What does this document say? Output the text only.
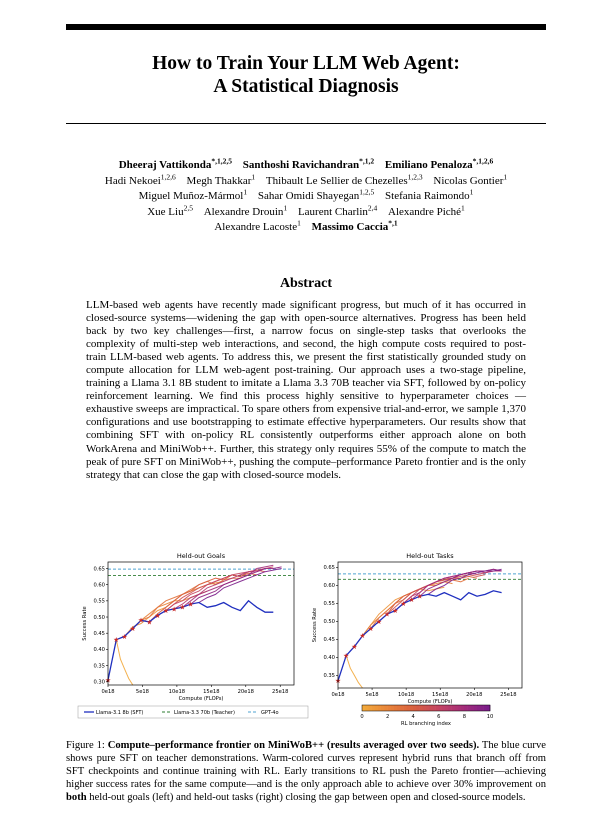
How to Train Your LLM Web Agent:
A Statistical Diagnosis
Dheeraj Vattikonda$^{*,1,2,5}$ Santhoshi Ravichandran$^{*,1,2}$ Emiliano Penaloza$^{*,1,2,6}$
Hadi Nekoei$^{1,2,6}$ Megh Thakkar$^1$ Thibault Le Sellier de Chezelles$^{1,2,3}$ Nicolas Gontier$^1$
Miguel Muñoz-Mármol$^1$ Sahar Omidi Shayegan$^{1,2,5}$ Stefania Raimondo$^1$
Xue Liu$^{2,5}$ Alexandre Drouin$^1$ Laurent Charlin$^{2,4}$ Alexandre Piché$^1$
Alexandre Lacoste$^1$ Massimo Caccia$^{*,1}$
Abstract
LLM-based web agents have recently made significant progress, but much of it has occurred in closed-source systems—widening the gap with open-source alternatives. Progress has been held back by two key challenges—first, a narrow focus on single-step tasks that overlooks the complexity of multi-step web interactions, and second, the high compute costs required to post-train LLM-based web agents. To address this, we present the first statistically grounded study on compute allocation for LLM web-agent post-training. Our approach uses a two-stage pipeline, training a Llama 3.1 8B student to imitate a Llama 3.3 70B teacher via SFT, followed by on-policy reinforcement learning. We find this process highly sensitive to hyperparameter choices — exhaustive sweeps are impractical. To spare others from expensive trial-and-error, we sample 1,370 configurations and use bootstrapping to estimate effective hyperparameters. Our results show that combining SFT with on-policy RL consistently outperforms either approach alone on both WorkArena and MiniWob++. Further, this strategy only requires 55% of the compute to match the peak of pure SFT on MiniWob++, pushing the compute–performance Pareto frontier and is the only strategy that can close the gap with closed-source models.
Held-out Goals
★
★ ★
★
★ ★
★
★ ★ ★ ★
0e18	5e18	10e18	15e18	20e18	25e18
Compute (FLOPs)
0.30
0.35
0.40
0.45
0.50
0.55
0.60
0.65
Success Rate
Held-out Tasks
★
★
★
★
★
★
★ ★
★ ★ ★
0e18	5e18	10e18	15e18	20e18	25e18
Compute (FLOPs)
0.35
0.40
0.45
0.50
0.55
0.60
0.65
Success Rate
Llama-3.1 8b (SFT)	Llama-3.3 70b (Teacher)	GPT-4o
0	2	4	6	8	10
RL branching index
Figure 1: Compute–performance frontier on MiniWoB++ (results averaged over two seeds). The blue curve shows pure SFT on teacher demonstrations. Warm-colored curves represent hybrid runs that branch off from SFT checkpoints and continue training with RL. Early transitions to RL push the Pareto frontier—achieving higher success rates for the same compute—and is the only approach able to achieve over 30% improvement on both held-out goals (left) and held-out tasks (right) closing the gap between open and closed-source models.
